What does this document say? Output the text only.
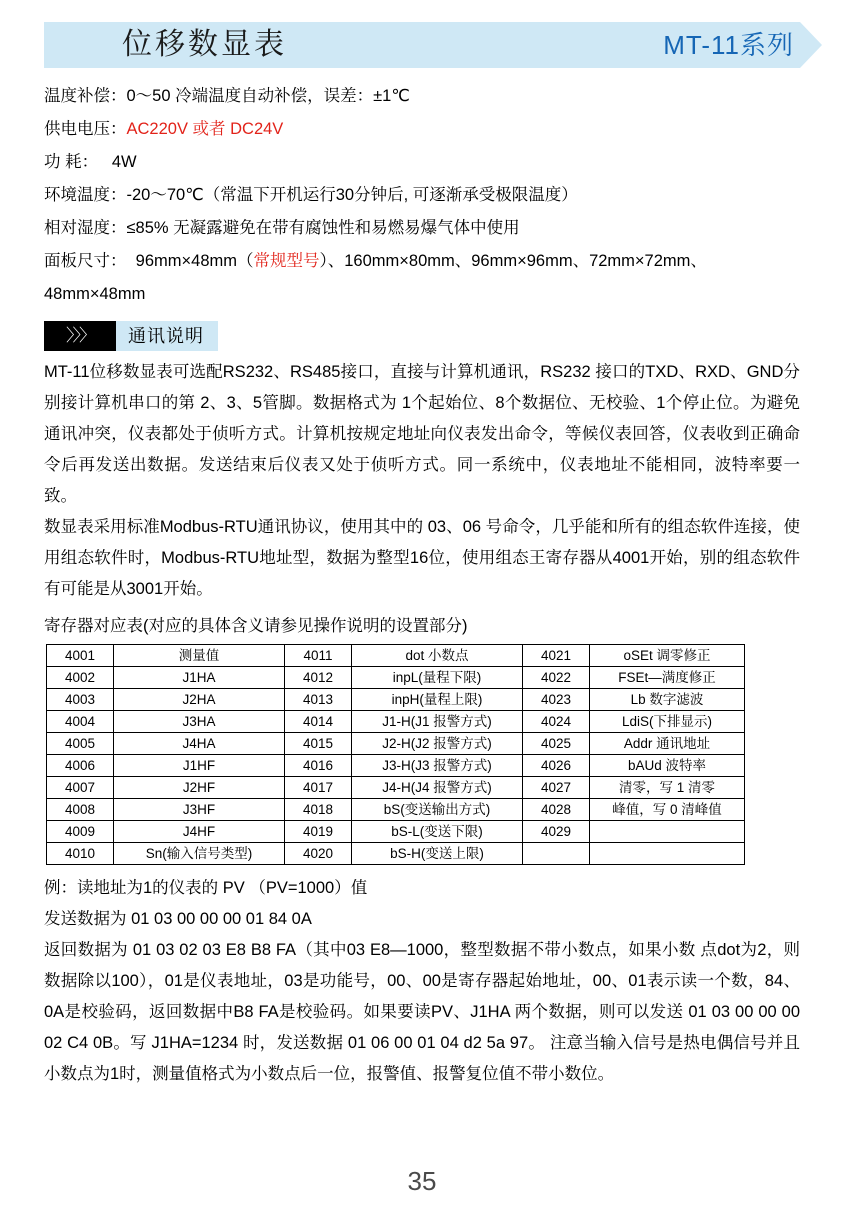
位移数显表	MT-11系列
温度补偿：0～50 冷端温度自动补偿，误差：±1℃
供电电压：AC220V 或者 DC24V
功 耗： 4W
环境温度：-20～70℃（常温下开机运行30分钟后, 可逐渐承受极限温度）
相对湿度：≤85% 无凝露避免在带有腐蚀性和易燃易爆气体中使用
面板尺寸： 96mm×48mm（常规型号）、160mm×80mm、96mm×96mm、72mm×72mm、48mm×48mm
〉〉〉	通讯说明

MT-11位移数显表可选配RS232、RS485接口，直接与计算机通讯，RS232 接口的TXD、RXD、GND分别接计算机串口的第 2、3、5管脚。数据格式为 1个起始位、8个数据位、无校验、1个停止位。为避免通讯冲突，仪表都处于侦听方式。计算机按规定地址向仪表发出命令，等候仪表回答，仪表收到正确命令后再发送出数据。发送结束后仪表又处于侦听方式。同一系统中，仪表地址不能相同，波特率要一致。

数显表采用标准Modbus-RTU通讯协议，使用其中的 03、06 号命令，几乎能和所有的组态软件连接，使用组态软件时，Modbus-RTU地址型，数据为整型16位，使用组态王寄存器从4001开始，别的组态软件有可能是从3001开始。

寄存器对应表(对应的具体含义请参见操作说明的设置部分)
4001	测量值	4011	dot 小数点	4021	oSEt 调零修正
4002	J1HA	4012	inpL(量程下限)	4022	FSEt—满度修正
4003	J2HA	4013	inpH(量程上限)	4023	Lb 数字滤波
4004	J3HA	4014	J1-H(J1 报警方式)	4024	LdiS(下排显示)
4005	J4HA	4015	J2-H(J2 报警方式)	4025	Addr 通讯地址
4006	J1HF	4016	J3-H(J3 报警方式)	4026	bAUd 波特率
4007	J2HF	4017	J4-H(J4 报警方式)	4027	清零，写 1 清零
4008	J3HF	4018	bS(变送输出方式)	4028	峰值，写 0 清峰值
4009	J4HF	4019	bS-L(变送下限)	4029	
4010	Sn(输入信号类型)	4020	bS-H(变送上限)		
例：读地址为1的仪表的 PV （PV=1000）值
发送数据为 01 03 00 00 00 01 84 0A
返回数据为 01 03 02 03 E8 B8 FA（其中03 E8—1000，整型数据不带小数点，如果小数 点dot为2，则数据除以100），01是仪表地址，03是功能号，00、00是寄存器起始地址，00、01表示读一个数，84、0A是校验码，返回数据中B8 FA是校验码。如果要读PV、J1HA 两个数据，则可以发送 01 03 00 00 00 02 C4 0B。写 J1HA=1234 时，发送数据 01 06 00 01 04 d2 5a 97。 注意当输入信号是热电偶信号并且小数点为1时，测量值格式为小数点后一位，报警值、报警复位值不带小数位。
35
